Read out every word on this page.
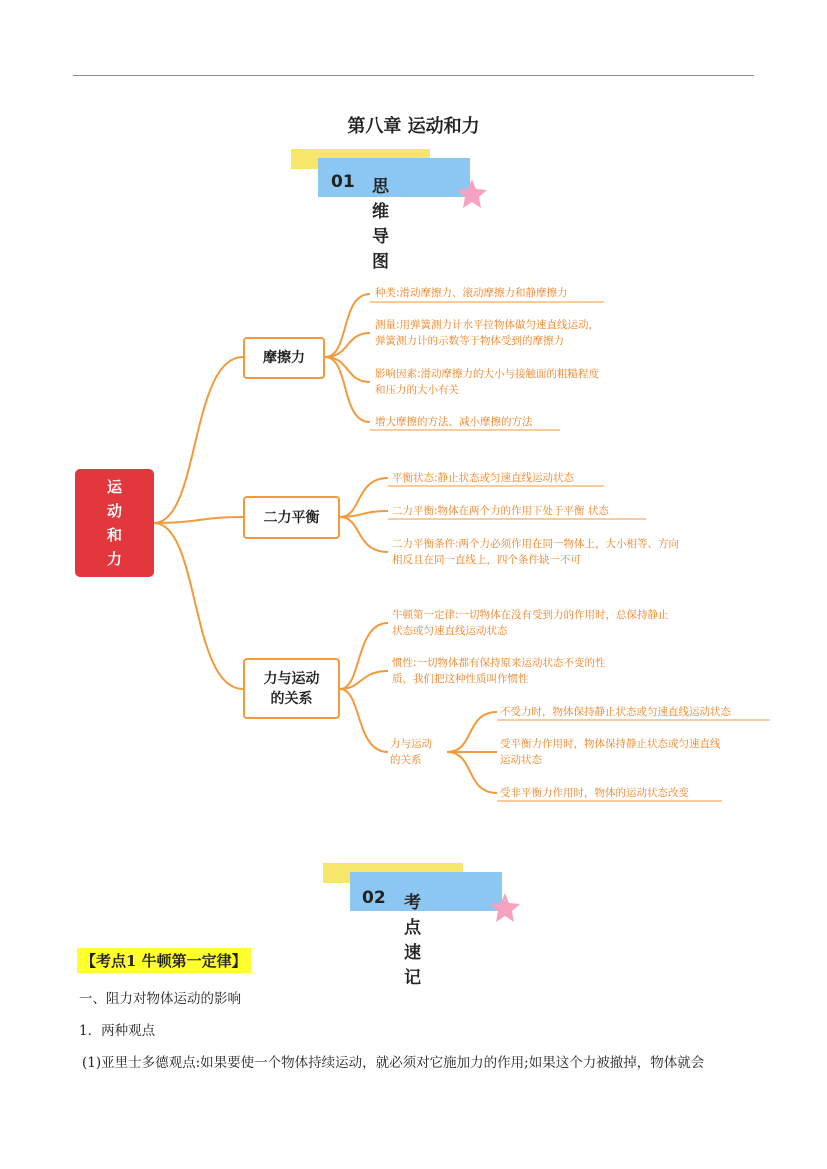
第八章 运动和力
01 思维导图
运
动
和
力
摩擦力
二力平衡
力与运动
的关系
种类:滑动摩擦力、滚动摩擦力和静摩擦力
测量:用弹簧测力计水平拉物体做匀速直线运动，
弹簧测力计的示数等于物体受到的摩擦力
影响因素:滑动摩擦力的大小与接触面的粗糙程度
和压力的大小有关
增大摩擦的方法、减小摩擦的方法
平衡状态:静止状态或匀速直线运动状态
二力平衡:物体在两个力的作用下处于平衡 状态
二力平衡条件:两个力必须作用在同一物体上，大小相等、方向
相反且在同一直线上，四个条件缺一不可
牛顿第一定律:一切物体在没有受到力的作用时，总保持静止
状态或匀速直线运动状态
惯性:一切物体都有保持原来运动状态不变的性
质，我们把这种性质叫作惯性
力与运动
的关系
不受力时，物体保持静止状态或匀速直线运动状态
受平衡力作用时，物体保持静止状态或匀速直线
运动状态
受非平衡力作用时，物体的运动状态改变
02 考点速记
【考点1 牛顿第一定律】
一、阻力对物体运动的影响
1．两种观点
(1)亚里士多德观点:如果要使一个物体持续运动，就必须对它施加力的作用;如果这个力被撤掉，物体就会
